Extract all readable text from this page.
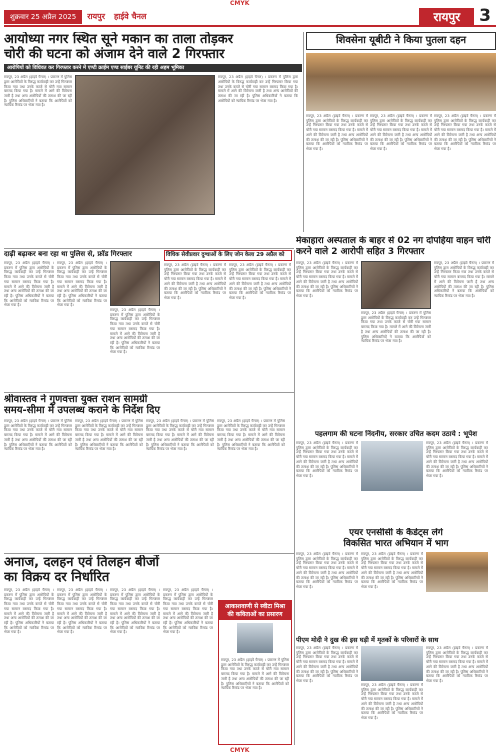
CMYK
शुक्रवार 25 अप्रैल 2025	रायपुर	हाईवे चैनल	रायपुर	3
आयोध्या नगर स्थित सूने मकान का ताला तोड़कर
चोरी की घटना को अंजाम देने वाले 2 गिरफ्तार
आरोपियों को विधिवत कर गिरफ्तार करने में एण्टी क्राईम एण्ड साईबर यूनिट की रही अहम भूमिका
रायपुर, 23 अप्रैल (हाइवे चैनल) । प्रकरण में पुलिस द्वारा आरोपियों के विरुद्ध कार्यवाही कर उन्हें गिरफ्तार किया गया तथा उनके कब्जे से चोरी गया सामान बरामद किया गया है। मामले में आगे की विवेचना जारी है तथा अन्य आरोपियों की तलाश की जा रही है। पुलिस अधिकारियों ने बताया कि आरोपियों को न्यायिक रिमांड पर भेजा गया है।
रायपुर, 23 अप्रैल (हाइवे चैनल) । प्रकरण में पुलिस द्वारा आरोपियों के विरुद्ध कार्यवाही कर उन्हें गिरफ्तार किया गया तथा उनके कब्जे से चोरी गया सामान बरामद किया गया है। मामले में आगे की विवेचना जारी है तथा अन्य आरोपियों की तलाश की जा रही है। पुलिस अधिकारियों ने बताया कि आरोपियों को न्यायिक रिमांड पर भेजा गया है।
शिवसेना यूबीटी ने किया पुतला दहन
रायपुर, 23 अप्रैल (हाइवे चैनल) । प्रकरण में पुलिस द्वारा आरोपियों के विरुद्ध कार्यवाही कर उन्हें गिरफ्तार किया गया तथा उनके कब्जे से चोरी गया सामान बरामद किया गया है। मामले में आगे की विवेचना जारी है तथा अन्य आरोपियों की तलाश की जा रही है। पुलिस अधिकारियों ने बताया कि आरोपियों को न्यायिक रिमांड पर भेजा गया है।
रायपुर, 23 अप्रैल (हाइवे चैनल) । प्रकरण में पुलिस द्वारा आरोपियों के विरुद्ध कार्यवाही कर उन्हें गिरफ्तार किया गया तथा उनके कब्जे से चोरी गया सामान बरामद किया गया है। मामले में आगे की विवेचना जारी है तथा अन्य आरोपियों की तलाश की जा रही है। पुलिस अधिकारियों ने बताया कि आरोपियों को न्यायिक रिमांड पर भेजा गया है।
रायपुर, 23 अप्रैल (हाइवे चैनल) । प्रकरण में पुलिस द्वारा आरोपियों के विरुद्ध कार्यवाही कर उन्हें गिरफ्तार किया गया तथा उनके कब्जे से चोरी गया सामान बरामद किया गया है। मामले में आगे की विवेचना जारी है तथा अन्य आरोपियों की तलाश की जा रही है। पुलिस अधिकारियों ने बताया कि आरोपियों को न्यायिक रिमांड पर भेजा गया है।
दाढ़ी बढ़ाकर बना रहा था पुलिस से, फ्रॉड गिरफ्तार
रायपुर, 23 अप्रैल (हाइवे चैनल) । प्रकरण में पुलिस द्वारा आरोपियों के विरुद्ध कार्यवाही कर उन्हें गिरफ्तार किया गया तथा उनके कब्जे से चोरी गया सामान बरामद किया गया है। मामले में आगे की विवेचना जारी है तथा अन्य आरोपियों की तलाश की जा रही है। पुलिस अधिकारियों ने बताया कि आरोपियों को न्यायिक रिमांड पर भेजा गया है।
रायपुर, 23 अप्रैल (हाइवे चैनल) । प्रकरण में पुलिस द्वारा आरोपियों के विरुद्ध कार्यवाही कर उन्हें गिरफ्तार किया गया तथा उनके कब्जे से चोरी गया सामान बरामद किया गया है। मामले में आगे की विवेचना जारी है तथा अन्य आरोपियों की तलाश की जा रही है। पुलिस अधिकारियों ने बताया कि आरोपियों को न्यायिक रिमांड पर भेजा गया है।
रायपुर, 23 अप्रैल (हाइवे चैनल) । प्रकरण में पुलिस द्वारा आरोपियों के विरुद्ध कार्यवाही कर उन्हें गिरफ्तार किया गया तथा उनके कब्जे से चोरी गया सामान बरामद किया गया है। मामले में आगे की विवेचना जारी है तथा अन्य आरोपियों की तलाश की जा रही है। पुलिस अधिकारियों ने बताया कि आरोपियों को न्यायिक रिमांड पर भेजा गया है।
विधिक सेवीप्रवार दुग्धाओं के लिए जोन केला 29 अप्रैल को
रायपुर, 23 अप्रैल (हाइवे चैनल) । प्रकरण में पुलिस द्वारा आरोपियों के विरुद्ध कार्यवाही कर उन्हें गिरफ्तार किया गया तथा उनके कब्जे से चोरी गया सामान बरामद किया गया है। मामले में आगे की विवेचना जारी है तथा अन्य आरोपियों की तलाश की जा रही है। पुलिस अधिकारियों ने बताया कि आरोपियों को न्यायिक रिमांड पर भेजा गया है।
रायपुर, 23 अप्रैल (हाइवे चैनल) । प्रकरण में पुलिस द्वारा आरोपियों के विरुद्ध कार्यवाही कर उन्हें गिरफ्तार किया गया तथा उनके कब्जे से चोरी गया सामान बरामद किया गया है। मामले में आगे की विवेचना जारी है तथा अन्य आरोपियों की तलाश की जा रही है। पुलिस अधिकारियों ने बताया कि आरोपियों को न्यायिक रिमांड पर भेजा गया है।
मेकाहारा अस्पताल के बाहर से 02 नग दोपहिया वाहन चोरी करने वाले 2 आरोपी सहित 3 गिरफ्तार
रायपुर, 23 अप्रैल (हाइवे चैनल) । प्रकरण में पुलिस द्वारा आरोपियों के विरुद्ध कार्यवाही कर उन्हें गिरफ्तार किया गया तथा उनके कब्जे से चोरी गया सामान बरामद किया गया है। मामले में आगे की विवेचना जारी है तथा अन्य आरोपियों की तलाश की जा रही है। पुलिस अधिकारियों ने बताया कि आरोपियों को न्यायिक रिमांड पर भेजा गया है।
रायपुर, 23 अप्रैल (हाइवे चैनल) । प्रकरण में पुलिस द्वारा आरोपियों के विरुद्ध कार्यवाही कर उन्हें गिरफ्तार किया गया तथा उनके कब्जे से चोरी गया सामान बरामद किया गया है। मामले में आगे की विवेचना जारी है तथा अन्य आरोपियों की तलाश की जा रही है। पुलिस अधिकारियों ने बताया कि आरोपियों को न्यायिक रिमांड पर भेजा गया है।
रायपुर, 23 अप्रैल (हाइवे चैनल) । प्रकरण में पुलिस द्वारा आरोपियों के विरुद्ध कार्यवाही कर उन्हें गिरफ्तार किया गया तथा उनके कब्जे से चोरी गया सामान बरामद किया गया है। मामले में आगे की विवेचना जारी है तथा अन्य आरोपियों की तलाश की जा रही है। पुलिस अधिकारियों ने बताया कि आरोपियों को न्यायिक रिमांड पर भेजा गया है।
श्रीवास्तव ने गुणवत्ता युक्त राशन सामग्री
समय-सीमा में उपलब्ध कराने के निर्देश दिए
रायपुर, 23 अप्रैल (हाइवे चैनल) । प्रकरण में पुलिस द्वारा आरोपियों के विरुद्ध कार्यवाही कर उन्हें गिरफ्तार किया गया तथा उनके कब्जे से चोरी गया सामान बरामद किया गया है। मामले में आगे की विवेचना जारी है तथा अन्य आरोपियों की तलाश की जा रही है। पुलिस अधिकारियों ने बताया कि आरोपियों को न्यायिक रिमांड पर भेजा गया है।
रायपुर, 23 अप्रैल (हाइवे चैनल) । प्रकरण में पुलिस द्वारा आरोपियों के विरुद्ध कार्यवाही कर उन्हें गिरफ्तार किया गया तथा उनके कब्जे से चोरी गया सामान बरामद किया गया है। मामले में आगे की विवेचना जारी है तथा अन्य आरोपियों की तलाश की जा रही है। पुलिस अधिकारियों ने बताया कि आरोपियों को न्यायिक रिमांड पर भेजा गया है।
रायपुर, 23 अप्रैल (हाइवे चैनल) । प्रकरण में पुलिस द्वारा आरोपियों के विरुद्ध कार्यवाही कर उन्हें गिरफ्तार किया गया तथा उनके कब्जे से चोरी गया सामान बरामद किया गया है। मामले में आगे की विवेचना जारी है तथा अन्य आरोपियों की तलाश की जा रही है। पुलिस अधिकारियों ने बताया कि आरोपियों को न्यायिक रिमांड पर भेजा गया है।
रायपुर, 23 अप्रैल (हाइवे चैनल) । प्रकरण में पुलिस द्वारा आरोपियों के विरुद्ध कार्यवाही कर उन्हें गिरफ्तार किया गया तथा उनके कब्जे से चोरी गया सामान बरामद किया गया है। मामले में आगे की विवेचना जारी है तथा अन्य आरोपियों की तलाश की जा रही है। पुलिस अधिकारियों ने बताया कि आरोपियों को न्यायिक रिमांड पर भेजा गया है।
पहलगाम की घटना निंदनीय, सरकार उचित कदम उठाये : भूपेश
रायपुर, 23 अप्रैल (हाइवे चैनल) । प्रकरण में पुलिस द्वारा आरोपियों के विरुद्ध कार्यवाही कर उन्हें गिरफ्तार किया गया तथा उनके कब्जे से चोरी गया सामान बरामद किया गया है। मामले में आगे की विवेचना जारी है तथा अन्य आरोपियों की तलाश की जा रही है। पुलिस अधिकारियों ने बताया कि आरोपियों को न्यायिक रिमांड पर भेजा गया है।
रायपुर, 23 अप्रैल (हाइवे चैनल) । प्रकरण में पुलिस द्वारा आरोपियों के विरुद्ध कार्यवाही कर उन्हें गिरफ्तार किया गया तथा उनके कब्जे से चोरी गया सामान बरामद किया गया है। मामले में आगे की विवेचना जारी है तथा अन्य आरोपियों की तलाश की जा रही है। पुलिस अधिकारियों ने बताया कि आरोपियों को न्यायिक रिमांड पर भेजा गया है।
एयर एनसीसी के कैडेट्स लेंगे
विकसित भारत अभियान में भाग
रायपुर, 23 अप्रैल (हाइवे चैनल) । प्रकरण में पुलिस द्वारा आरोपियों के विरुद्ध कार्यवाही कर उन्हें गिरफ्तार किया गया तथा उनके कब्जे से चोरी गया सामान बरामद किया गया है। मामले में आगे की विवेचना जारी है तथा अन्य आरोपियों की तलाश की जा रही है। पुलिस अधिकारियों ने बताया कि आरोपियों को न्यायिक रिमांड पर भेजा गया है।
रायपुर, 23 अप्रैल (हाइवे चैनल) । प्रकरण में पुलिस द्वारा आरोपियों के विरुद्ध कार्यवाही कर उन्हें गिरफ्तार किया गया तथा उनके कब्जे से चोरी गया सामान बरामद किया गया है। मामले में आगे की विवेचना जारी है तथा अन्य आरोपियों की तलाश की जा रही है। पुलिस अधिकारियों ने बताया कि आरोपियों को न्यायिक रिमांड पर भेजा गया है।
अनाज, दलहन एवं तिलहन बीजों
का विक्रय दर निर्धारित
रायपुर, 23 अप्रैल (हाइवे चैनल) । प्रकरण में पुलिस द्वारा आरोपियों के विरुद्ध कार्यवाही कर उन्हें गिरफ्तार किया गया तथा उनके कब्जे से चोरी गया सामान बरामद किया गया है। मामले में आगे की विवेचना जारी है तथा अन्य आरोपियों की तलाश की जा रही है। पुलिस अधिकारियों ने बताया कि आरोपियों को न्यायिक रिमांड पर भेजा गया है।
रायपुर, 23 अप्रैल (हाइवे चैनल) । प्रकरण में पुलिस द्वारा आरोपियों के विरुद्ध कार्यवाही कर उन्हें गिरफ्तार किया गया तथा उनके कब्जे से चोरी गया सामान बरामद किया गया है। मामले में आगे की विवेचना जारी है तथा अन्य आरोपियों की तलाश की जा रही है। पुलिस अधिकारियों ने बताया कि आरोपियों को न्यायिक रिमांड पर भेजा गया है।
रायपुर, 23 अप्रैल (हाइवे चैनल) । प्रकरण में पुलिस द्वारा आरोपियों के विरुद्ध कार्यवाही कर उन्हें गिरफ्तार किया गया तथा उनके कब्जे से चोरी गया सामान बरामद किया गया है। मामले में आगे की विवेचना जारी है तथा अन्य आरोपियों की तलाश की जा रही है। पुलिस अधिकारियों ने बताया कि आरोपियों को न्यायिक रिमांड पर भेजा गया है।
रायपुर, 23 अप्रैल (हाइवे चैनल) । प्रकरण में पुलिस द्वारा आरोपियों के विरुद्ध कार्यवाही कर उन्हें गिरफ्तार किया गया तथा उनके कब्जे से चोरी गया सामान बरामद किया गया है। मामले में आगे की विवेचना जारी है तथा अन्य आरोपियों की तलाश की जा रही है। पुलिस अधिकारियों ने बताया कि आरोपियों को न्यायिक रिमांड पर भेजा गया है।
आकाशवाणी से स्वीटा मिश्रा की कविताओं का प्रसारण
रायपुर, 23 अप्रैल (हाइवे चैनल) । प्रकरण में पुलिस द्वारा आरोपियों के विरुद्ध कार्यवाही कर उन्हें गिरफ्तार किया गया तथा उनके कब्जे से चोरी गया सामान बरामद किया गया है। मामले में आगे की विवेचना जारी है तथा अन्य आरोपियों की तलाश की जा रही है। पुलिस अधिकारियों ने बताया कि आरोपियों को न्यायिक रिमांड पर भेजा गया है।
पीएम मोदी ने दुख की इस घड़ी में मृतकों के परिवारों के साथ
रायपुर, 23 अप्रैल (हाइवे चैनल) । प्रकरण में पुलिस द्वारा आरोपियों के विरुद्ध कार्यवाही कर उन्हें गिरफ्तार किया गया तथा उनके कब्जे से चोरी गया सामान बरामद किया गया है। मामले में आगे की विवेचना जारी है तथा अन्य आरोपियों की तलाश की जा रही है। पुलिस अधिकारियों ने बताया कि आरोपियों को न्यायिक रिमांड पर भेजा गया है।
रायपुर, 23 अप्रैल (हाइवे चैनल) । प्रकरण में पुलिस द्वारा आरोपियों के विरुद्ध कार्यवाही कर उन्हें गिरफ्तार किया गया तथा उनके कब्जे से चोरी गया सामान बरामद किया गया है। मामले में आगे की विवेचना जारी है तथा अन्य आरोपियों की तलाश की जा रही है। पुलिस अधिकारियों ने बताया कि आरोपियों को न्यायिक रिमांड पर भेजा गया है।
रायपुर, 23 अप्रैल (हाइवे चैनल) । प्रकरण में पुलिस द्वारा आरोपियों के विरुद्ध कार्यवाही कर उन्हें गिरफ्तार किया गया तथा उनके कब्जे से चोरी गया सामान बरामद किया गया है। मामले में आगे की विवेचना जारी है तथा अन्य आरोपियों की तलाश की जा रही है। पुलिस अधिकारियों ने बताया कि आरोपियों को न्यायिक रिमांड पर भेजा गया है।
CMYK
